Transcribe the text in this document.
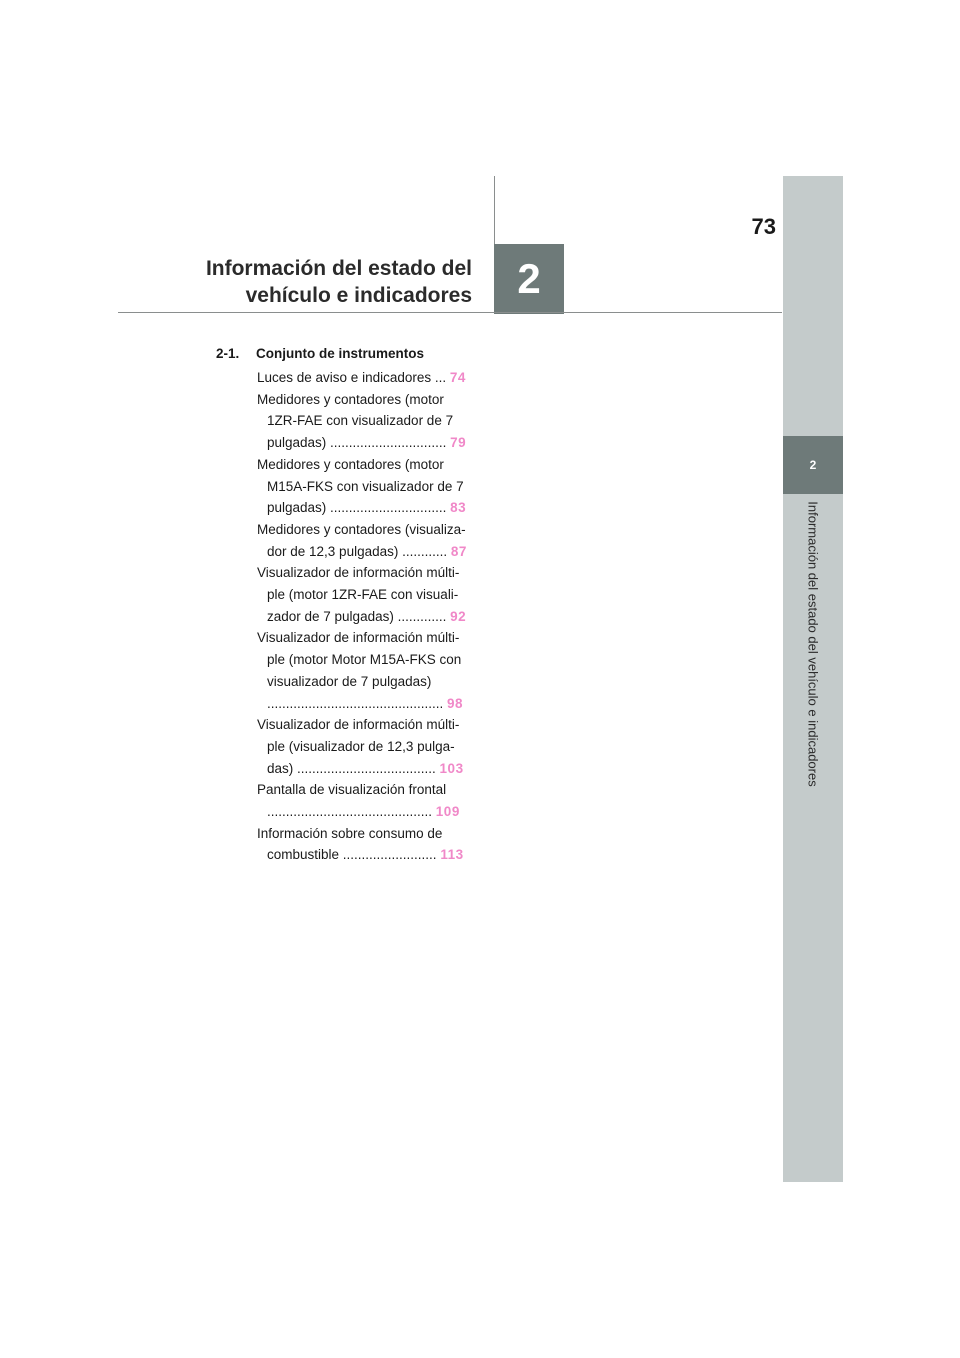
73
Información del estado del
vehículo e indicadores	2
2
Información del estado del vehículo e indicadores
2-1. Conjunto de instrumentos
Luces de aviso e indicadores ... 74
Medidores y contadores (motor
1ZR-FAE con visualizador de 7
pulgadas) ............................... 79
Medidores y contadores (motor
M15A-FKS con visualizador de 7
pulgadas) ............................... 83
Medidores y contadores (visualiza-
dor de 12,3 pulgadas) ............ 87
Visualizador de información múlti-
ple (motor 1ZR-FAE con visuali-
zador de 7 pulgadas) ............. 92
Visualizador de información múlti-
ple (motor Motor M15A-FKS con
visualizador de 7 pulgadas)
............................................... 98
Visualizador de información múlti-
ple (visualizador de 12,3 pulga-
das) ..................................... 103
Pantalla de visualización frontal
............................................ 109
Información sobre consumo de
combustible ......................... 113
